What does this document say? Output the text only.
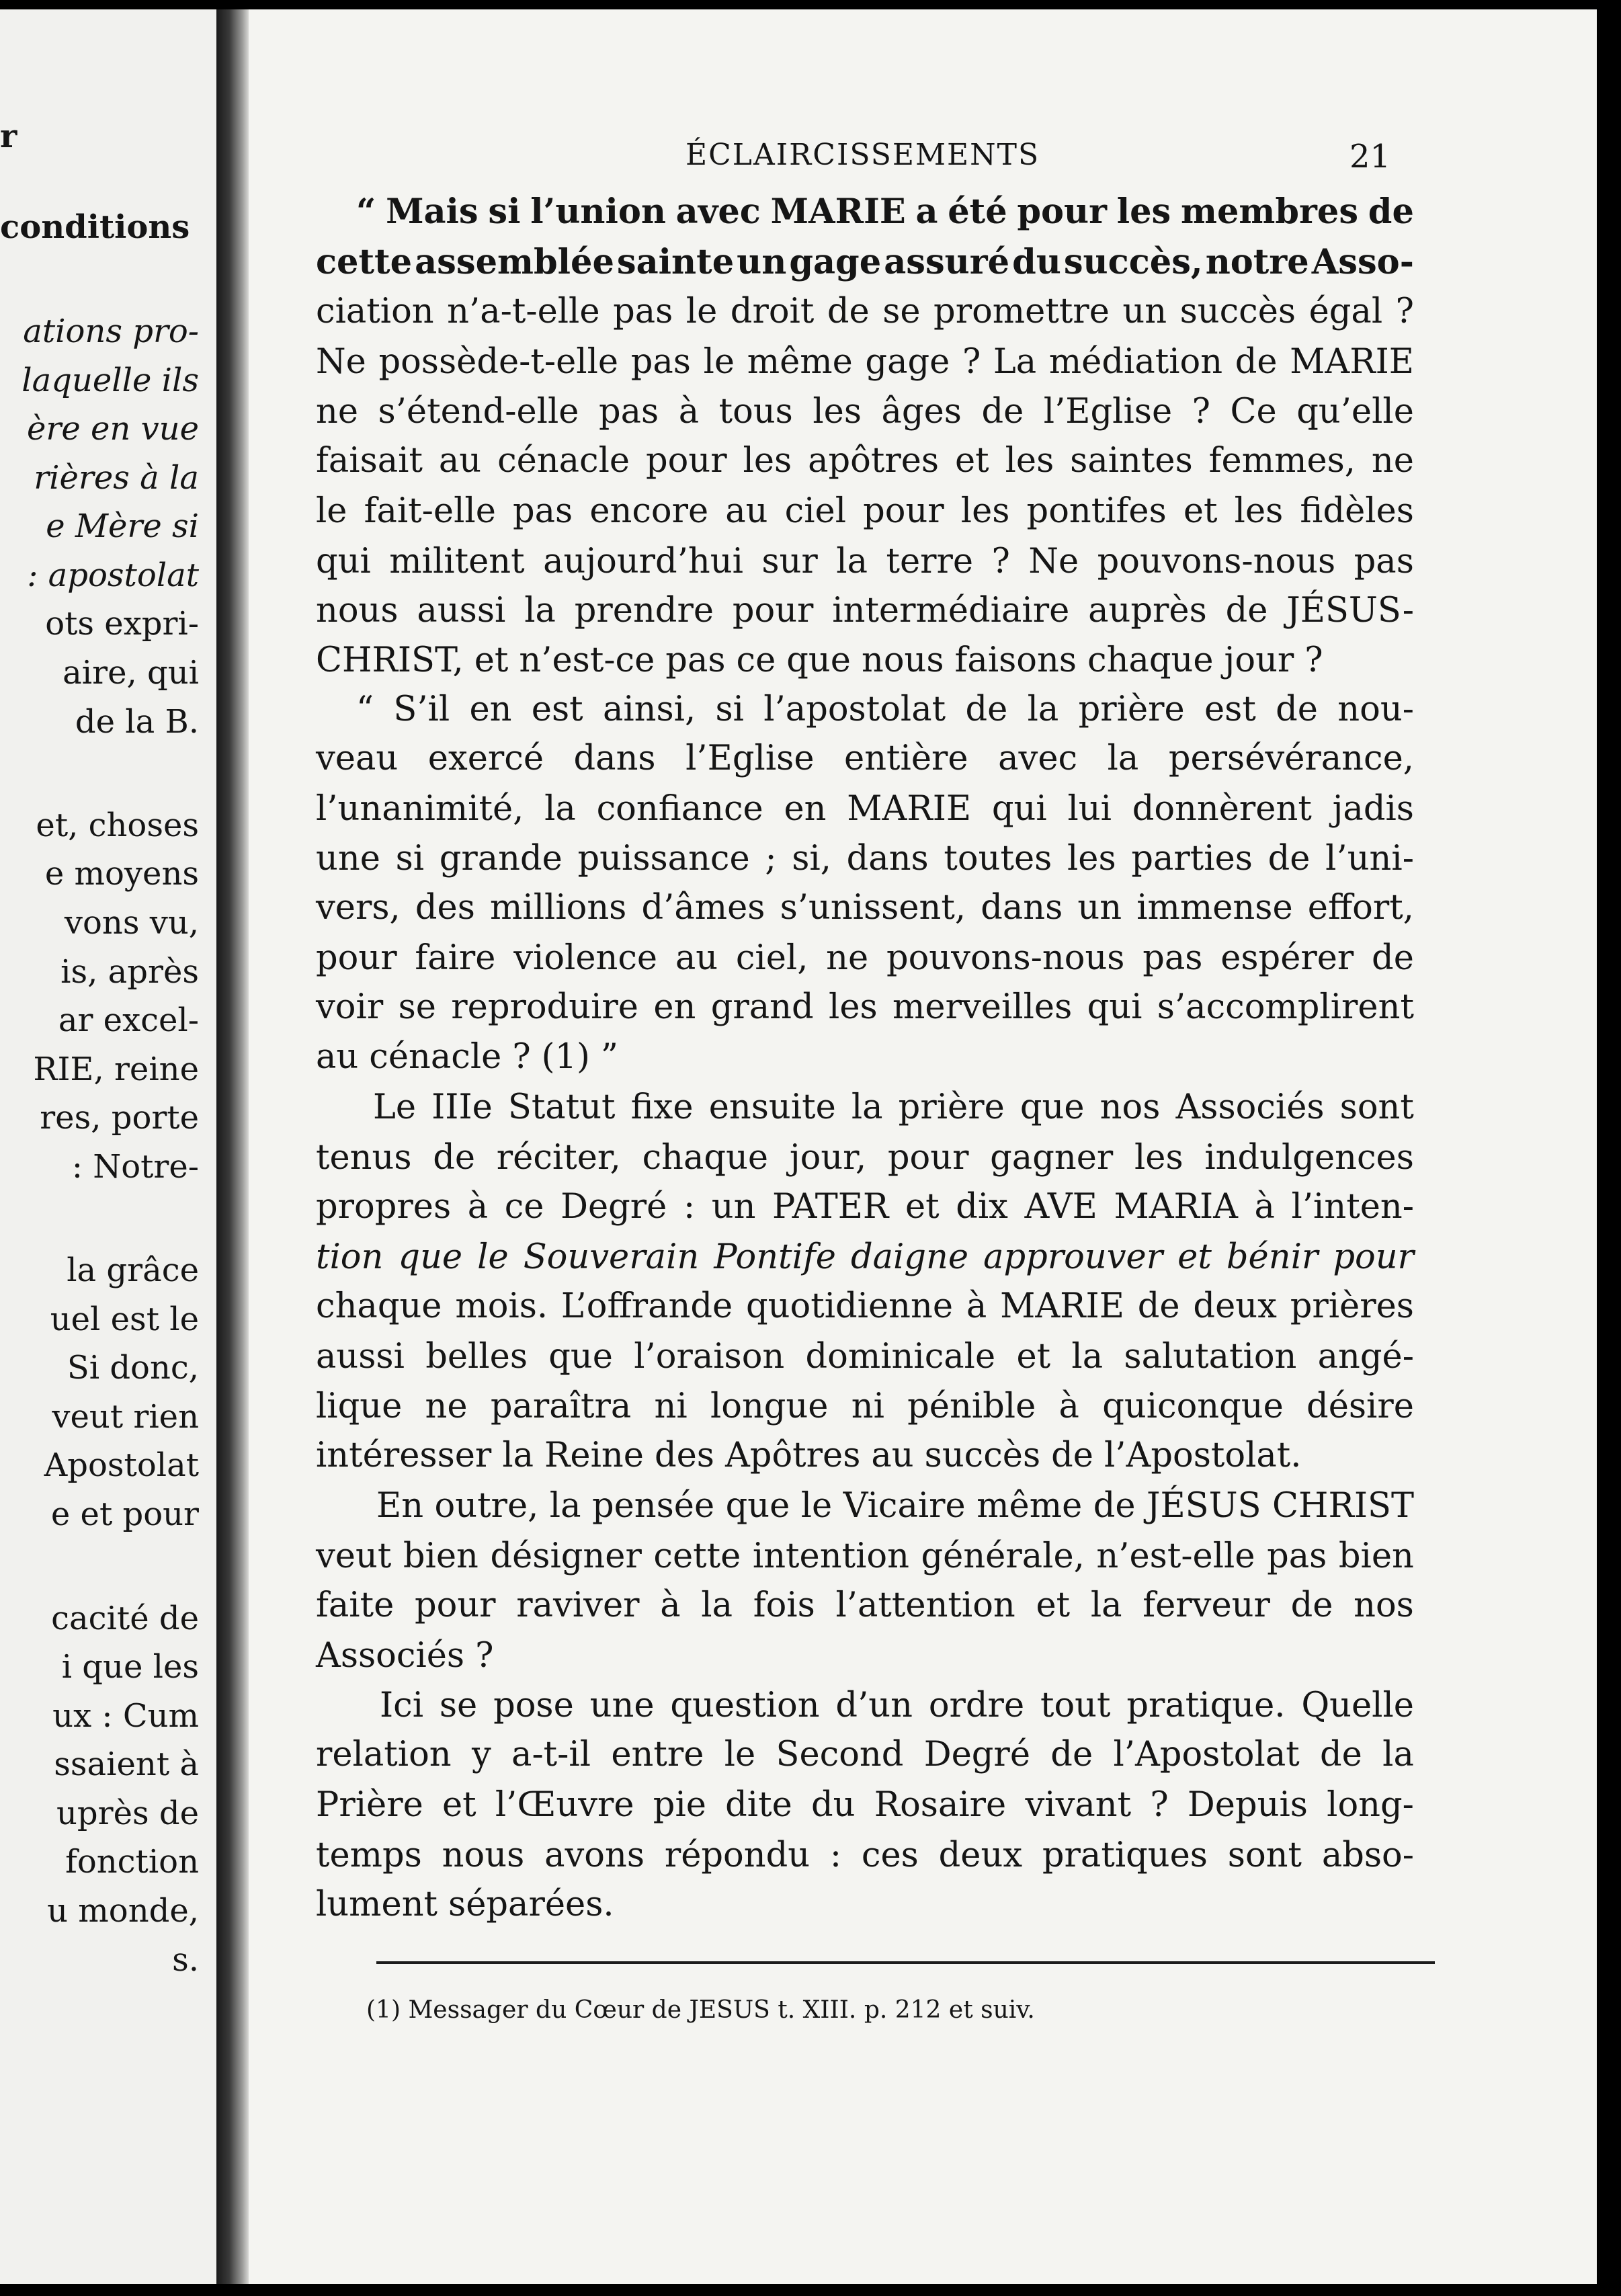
r
conditions
ations pro-
laquelle ils
ère en vue
rières à la
e Mère si
: apostolat
ots expri-
aire, qui
de la B.
et, choses
e moyens
vons vu,
is, après
ar excel-
RIE, reine
res, porte
: Notre-
la grâce
uel est le
Si donc,
veut rien
Apostolat
e et pour
cacité de
i que les
ux : Cum
ssaient à
uprès de
fonction
u monde,
s.
ÉCLAIRCISSEMENTS	21
“ Mais si l’union avec MARIE a été pour les membres de
cette assemblée sainte un gage assuré du succès, notre Asso-
ciation n’a-t-elle pas le droit de se promettre un succès égal ?
Ne possède-t-elle pas le même gage ? La médiation de MARIE
ne s’étend-elle pas à tous les âges de l’Eglise ? Ce qu’elle
faisait au cénacle pour les apôtres et les saintes femmes, ne
le fait-elle pas encore au ciel pour les pontifes et les fidèles
qui militent aujourd’hui sur la terre ? Ne pouvons-nous pas
nous aussi la prendre pour intermédiaire auprès de JÉSUS-
CHRIST, et n’est-ce pas ce que nous faisons chaque jour ?
“ S’il en est ainsi, si l’apostolat de la prière est de nou-
veau exercé dans l’Eglise entière avec la persévérance,
l’unanimité, la confiance en MARIE qui lui donnèrent jadis
une si grande puissance ; si, dans toutes les parties de l’uni-
vers, des millions d’âmes s’unissent, dans un immense effort,
pour faire violence au ciel, ne pouvons-nous pas espérer de
voir se reproduire en grand les merveilles qui s’accomplirent
au cénacle ? (1) ”
Le IIIe Statut fixe ensuite la prière que nos Associés sont
tenus de réciter, chaque jour, pour gagner les indulgences
propres à ce Degré : un PATER et dix AVE MARIA à l’inten-
tion que le Souverain Pontife daigne approuver et bénir pour
chaque mois. L’offrande quotidienne à MARIE de deux prières
aussi belles que l’oraison dominicale et la salutation angé-
lique ne paraîtra ni longue ni pénible à quiconque désire
intéresser la Reine des Apôtres au succès de l’Apostolat.
En outre, la pensée que le Vicaire même de JÉSUS CHRIST
veut bien désigner cette intention générale, n’est-elle pas bien
faite pour raviver à la fois l’attention et la ferveur de nos
Associés ?
Ici se pose une question d’un ordre tout pratique. Quelle
relation y a-t-il entre le Second Degré de l’Apostolat de la
Prière et l’Œuvre pie dite du Rosaire vivant ? Depuis long-
temps nous avons répondu : ces deux pratiques sont abso-
lument séparées.
(1) Messager du Cœur de JESUS t. XIII. p. 212 et suiv.
